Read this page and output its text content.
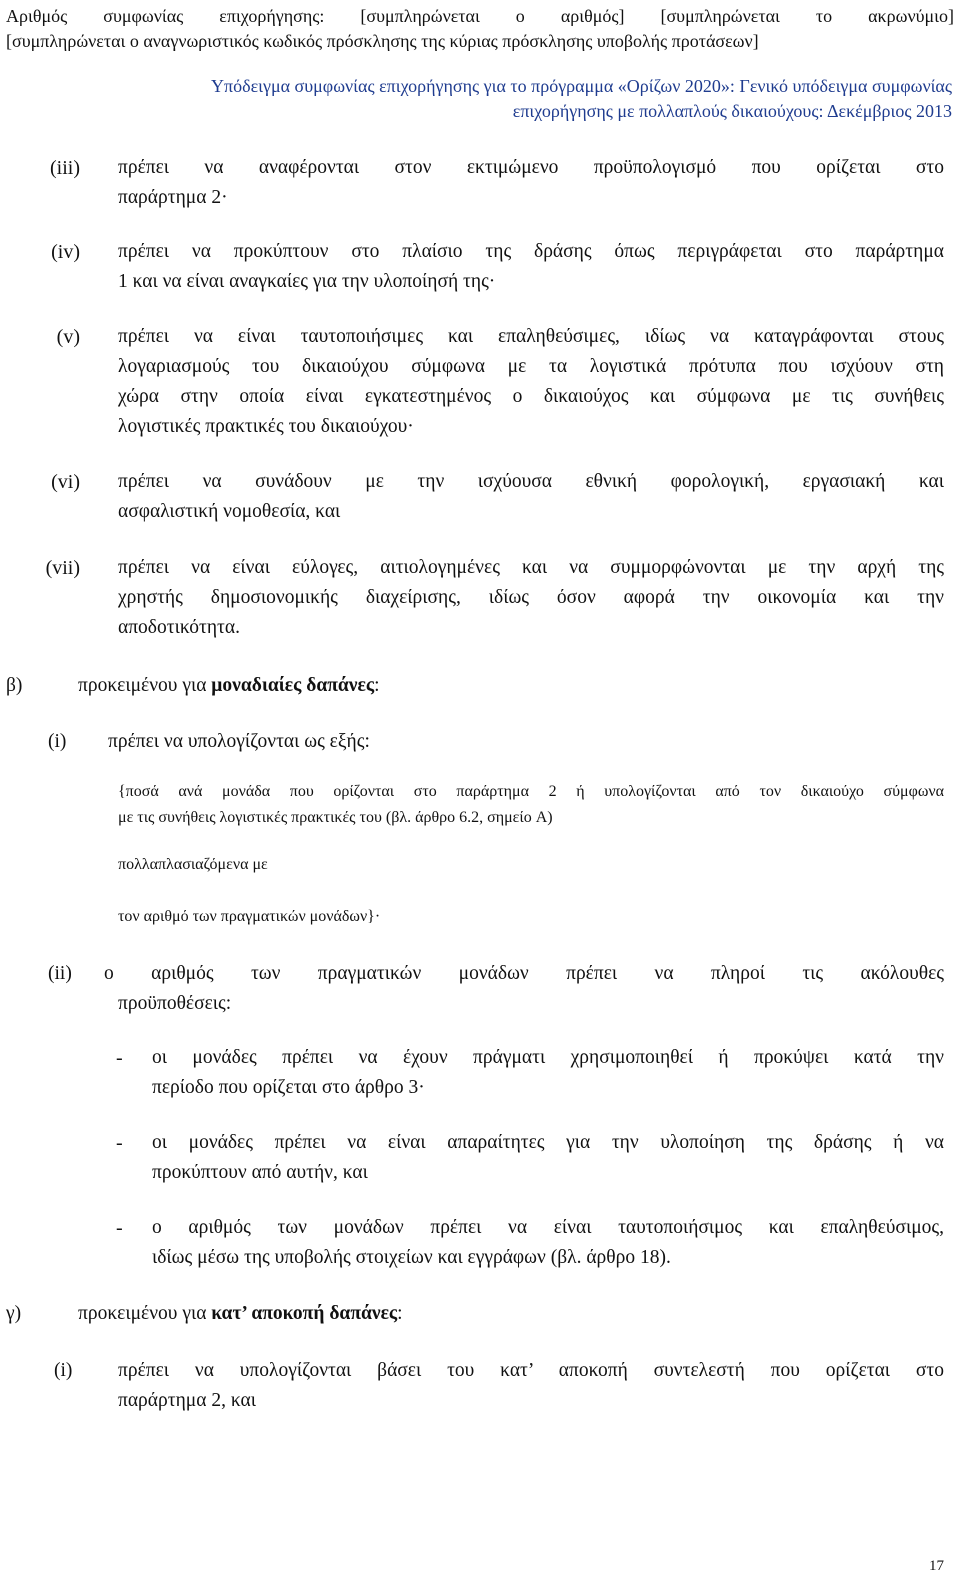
Αριθμός συμφωνίας επιχορήγησης: [συμπληρώνεται ο αριθμός] [συμπληρώνεται το ακρωνύμιο]
[συμπληρώνεται ο αναγνωριστικός κωδικός πρόσκλησης της κύριας πρόσκλησης υποβολής προτάσεων]
Υπόδειγμα συμφωνίας επιχορήγησης για το πρόγραμμα «Ορίζων 2020»: Γενικό υπόδειγμα συμφωνίας
επιχορήγησης με πολλαπλούς δικαιούχους: Δεκέμβριος 2013
(iii) πρέπει να αναφέρονται στον εκτιμώμενο προϋπολογισμό που ορίζεται στο
παράρτημα 2·
(iv) πρέπει να προκύπτουν στο πλαίσιο της δράσης όπως περιγράφεται στο παράρτημα
1 και να είναι αναγκαίες για την υλοποίησή της·
(v) πρέπει να είναι ταυτοποιήσιμες και επαληθεύσιμες, ιδίως να καταγράφονται στους
λογαριασμούς του δικαιούχου σύμφωνα με τα λογιστικά πρότυπα που ισχύουν στη
χώρα στην οποία είναι εγκατεστημένος ο δικαιούχος και σύμφωνα με τις συνήθεις
λογιστικές πρακτικές του δικαιούχου·
(vi) πρέπει να συνάδουν με την ισχύουσα εθνική φορολογική, εργασιακή και
ασφαλιστική νομοθεσία, και
(vii) πρέπει να είναι εύλογες, αιτιολογημένες και να συμμορφώνονται με την αρχή της
χρηστής δημοσιονομικής διαχείρισης, ιδίως όσον αφορά την οικονομία και την
αποδοτικότητα.
β)	προκειμένου για μοναδιαίες δαπάνες:
(i)	πρέπει να υπολογίζονται ως εξής:
{ποσά ανά μονάδα που ορίζονται στο παράρτημα 2 ή υπολογίζονται από τον δικαιούχο σύμφωνα
με τις συνήθεις λογιστικές πρακτικές του (βλ. άρθρο 6.2, σημείο A)
πολλαπλασιαζόμενα με
τον αριθμό των πραγματικών μονάδων}·
(ii)	ο αριθμός των πραγματικών μονάδων πρέπει να πληροί τις ακόλουθες
προϋποθέσεις:
- οι μονάδες πρέπει να έχουν πράγματι χρησιμοποιηθεί ή προκύψει κατά την
περίοδο που ορίζεται στο άρθρο 3·
- οι μονάδες πρέπει να είναι απαραίτητες για την υλοποίηση της δράσης ή να
προκύπτουν από αυτήν, και
- ο αριθμός των μονάδων πρέπει να είναι ταυτοποιήσιμος και επαληθεύσιμος,
ιδίως μέσω της υποβολής στοιχείων και εγγράφων (βλ. άρθρο 18).
γ)	προκειμένου για κατ’ αποκοπή δαπάνες:
(i)	πρέπει να υπολογίζονται βάσει του κατ’ αποκοπή συντελεστή που ορίζεται στο
παράρτημα 2, και
17
